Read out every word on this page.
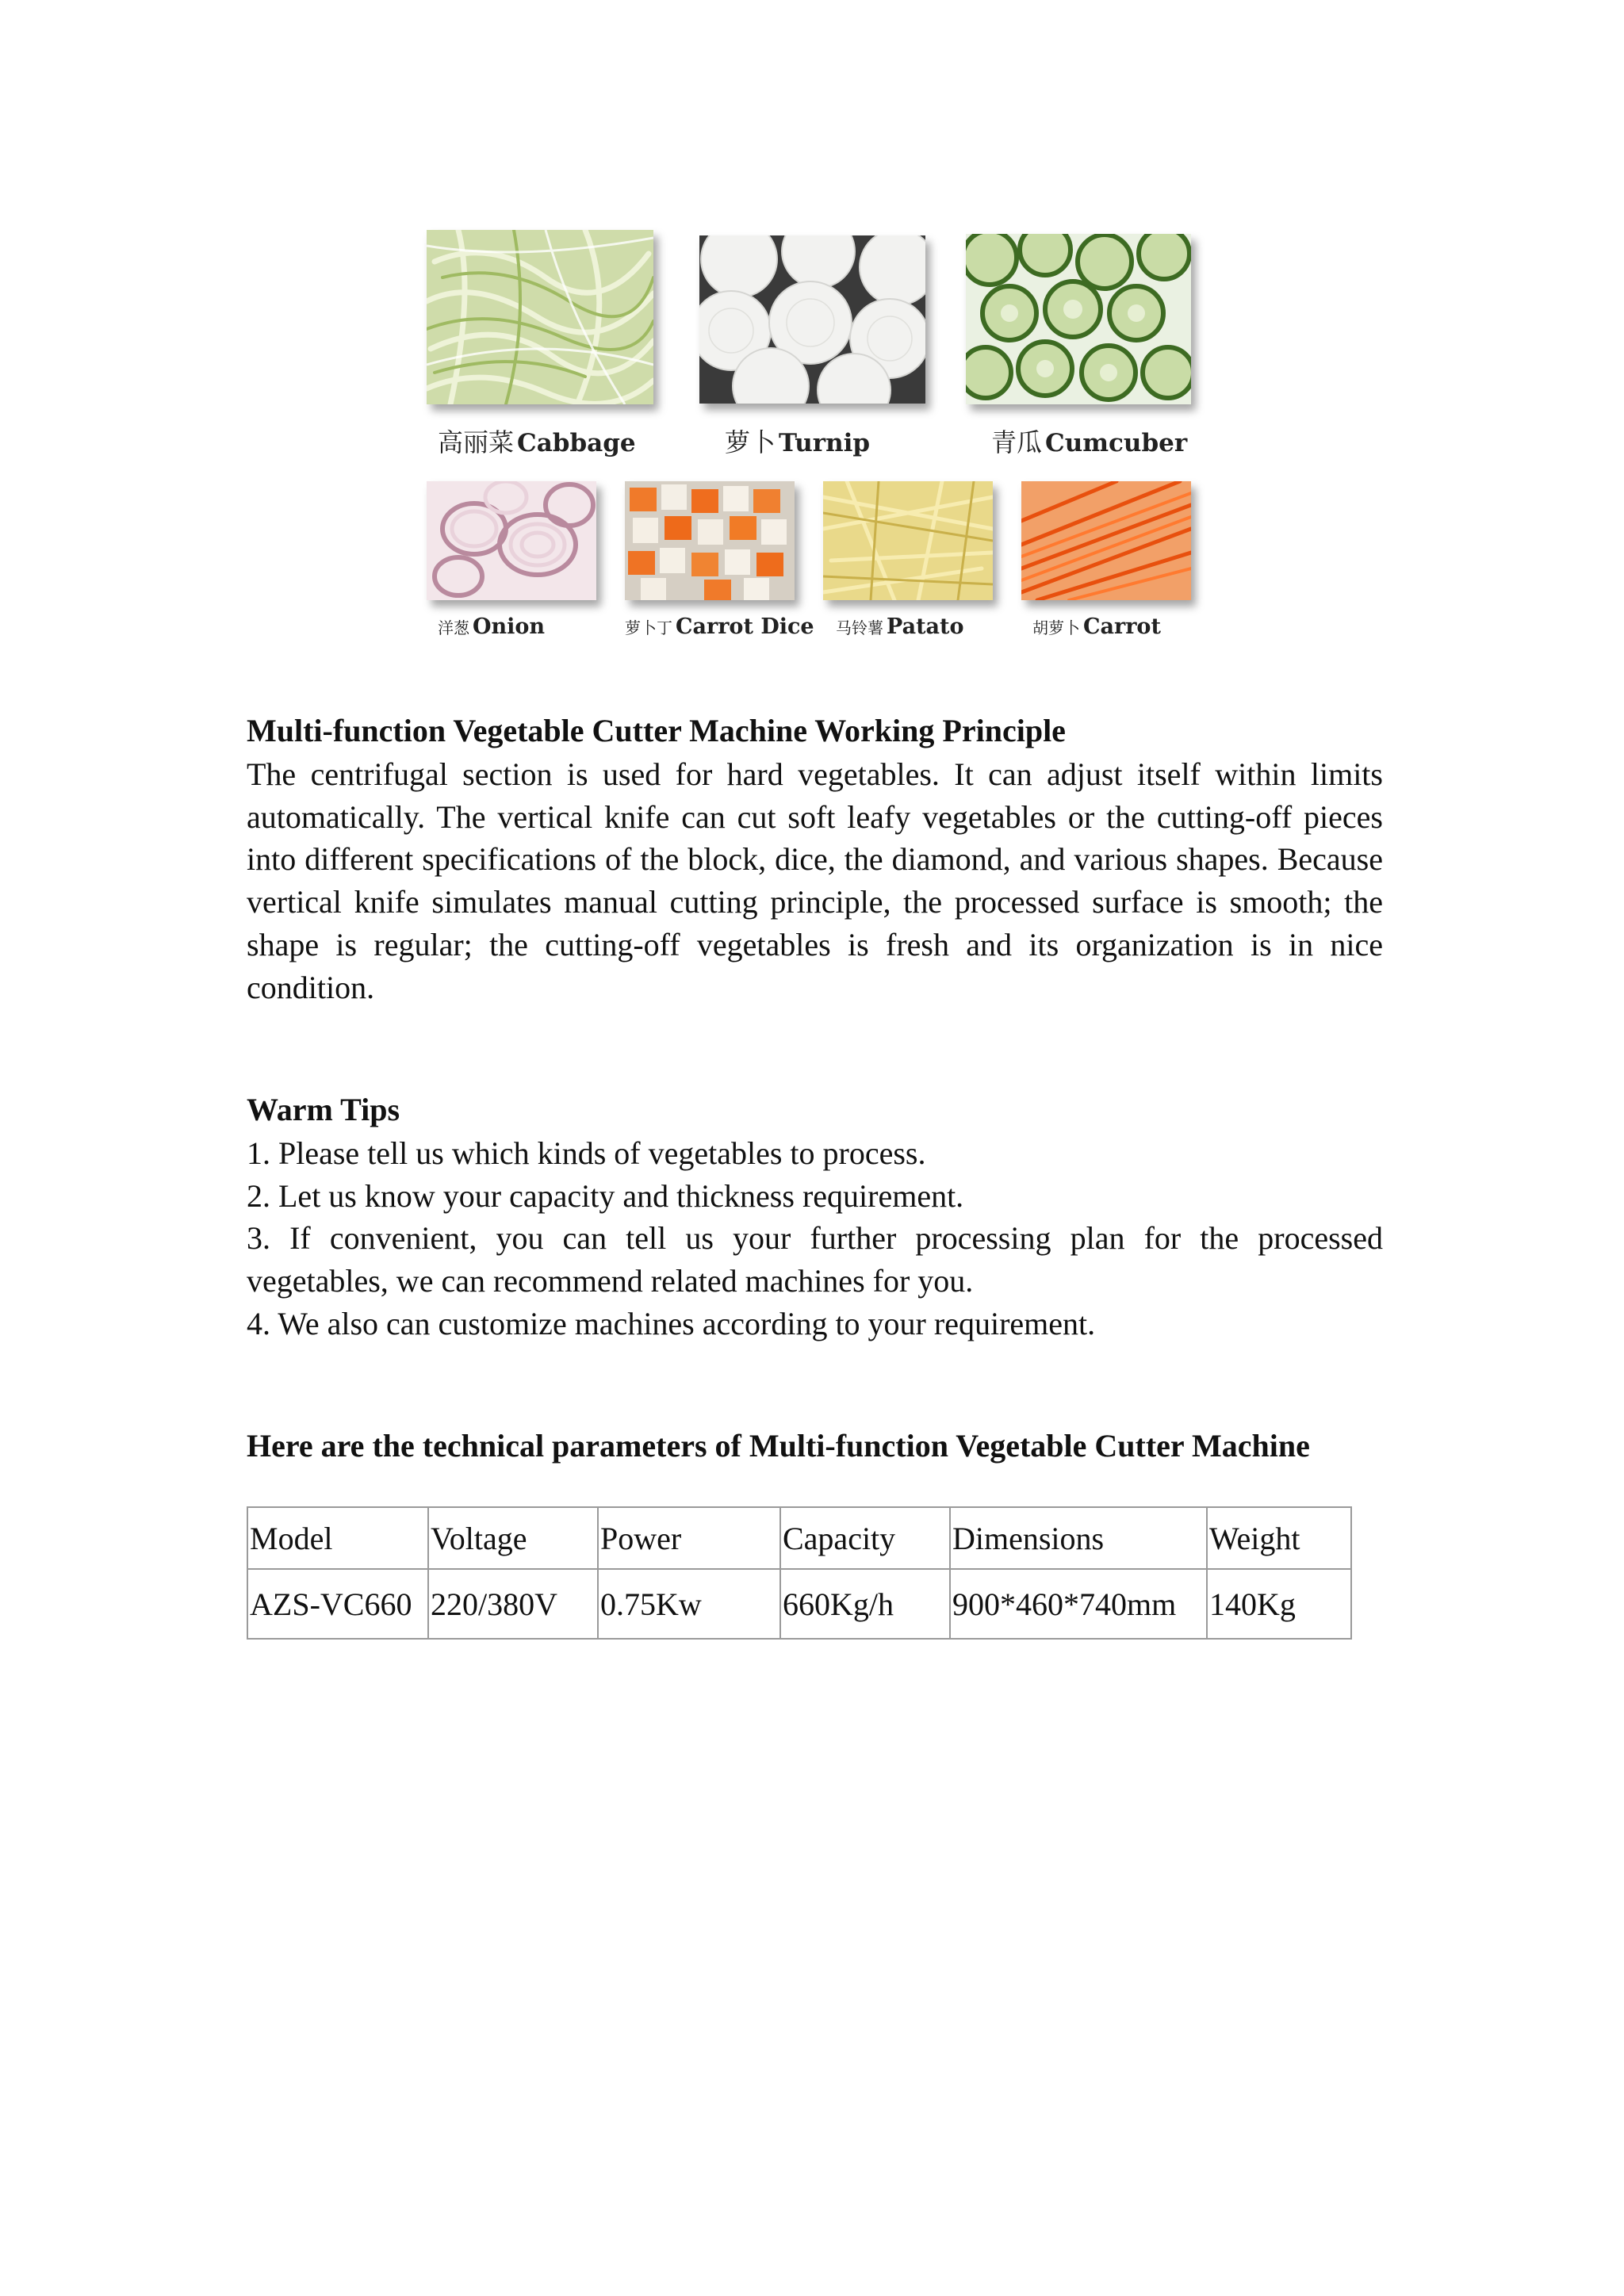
高丽菜 Cabbage	萝卜 Turnip	青瓜 Cumcuber
洋葱 Onion	萝卜丁 Carrot Dice 马铃薯 Patato	胡萝卜 Carrot
Multi-function Vegetable Cutter Machine Working Principle

The centrifugal section is used for hard vegetables. It can adjust itself within limits automatically. The vertical knife can cut soft leafy vegetables or the cutting-off pieces into different specifications of the block, dice, the diamond, and various shapes. Because vertical knife simulates manual cutting principle, the processed surface is smooth; the shape is regular; the cutting-off vegetables is fresh and its organization is in nice condition.

Warm Tips
1. Please tell us which kinds of vegetables to process.
2. Let us know your capacity and thickness requirement.
3. If convenient, you can tell us your further processing plan for the processed vegetables, we can recommend related machines for you.
4. We also can customize machines according to your requirement.
Here are the technical parameters of Multi-function Vegetable Cutter Machine
Model	Voltage	Power	Capacity	Dimensions	Weight
AZS-VC660	220/380V	0.75Kw	660Kg/h	900*460*740mm	140Kg
